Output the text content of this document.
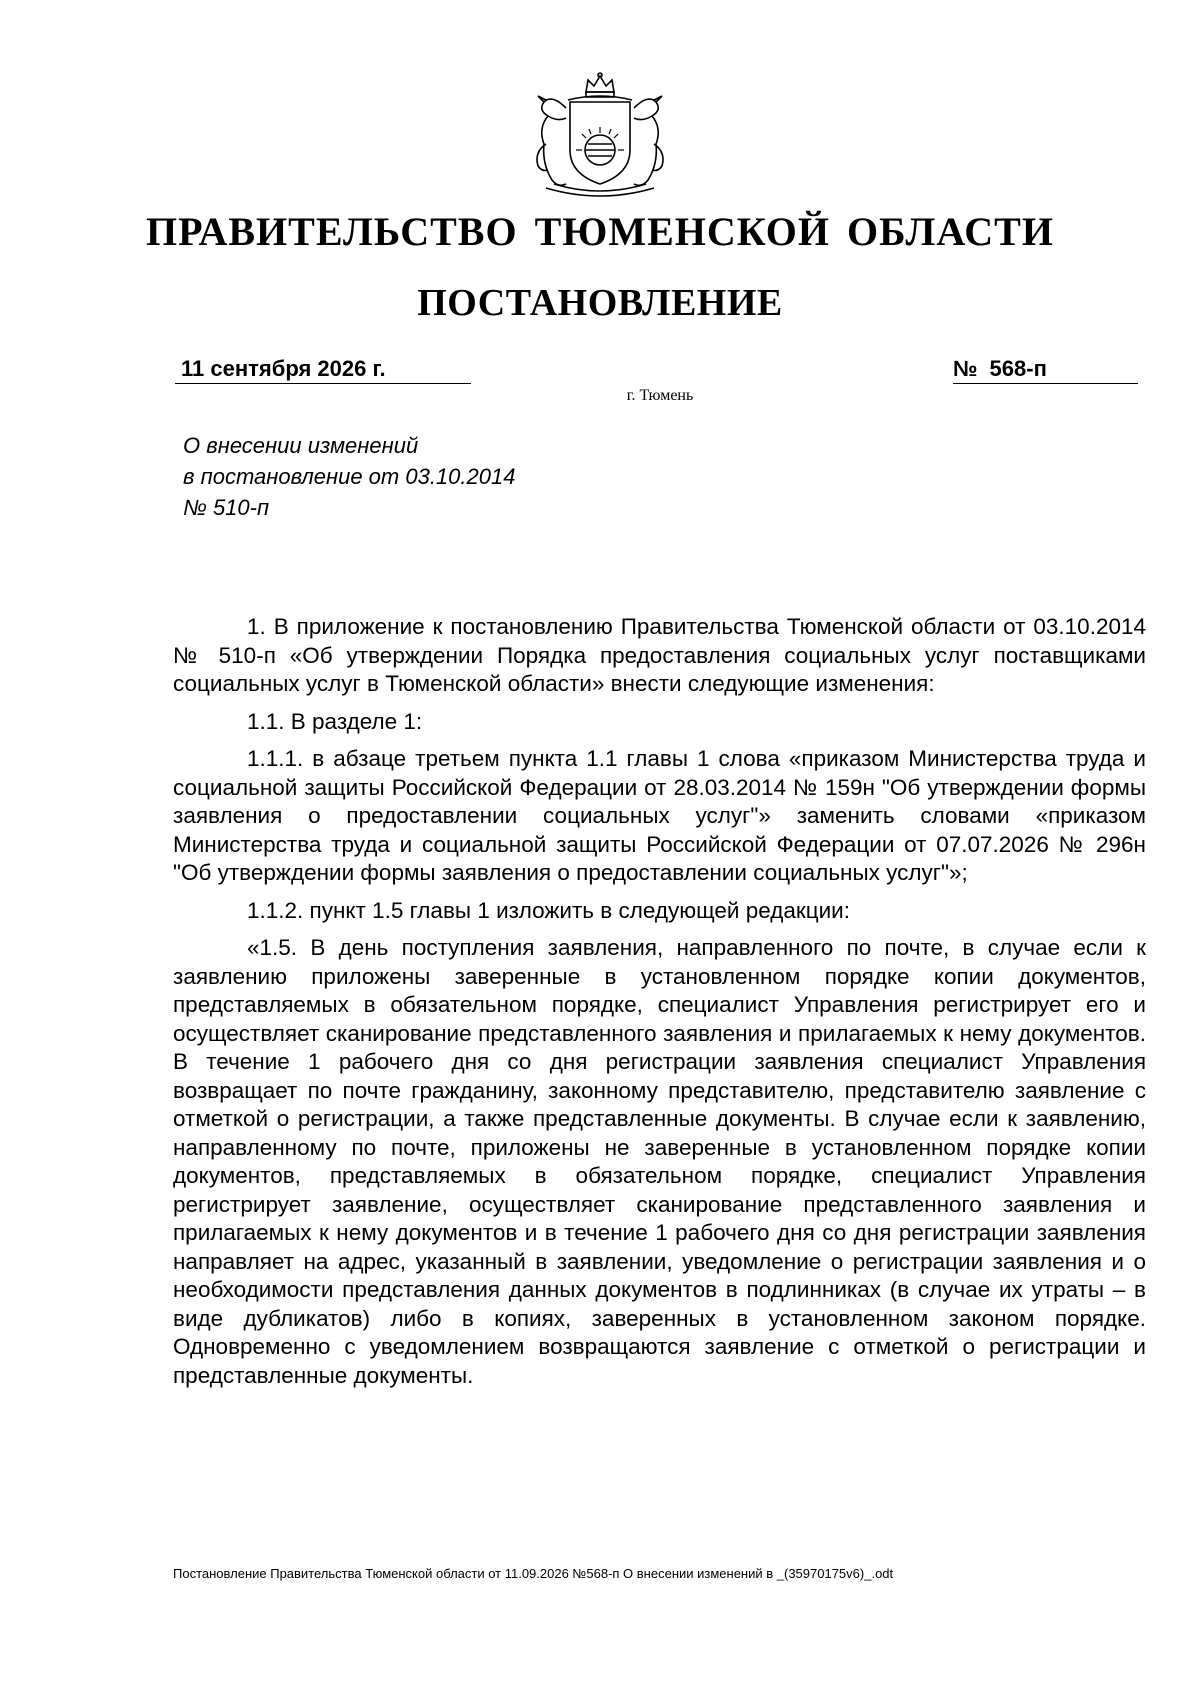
ПРАВИТЕЛЬСТВО ТЮМЕНСКОЙ ОБЛАСТИ
ПОСТАНОВЛЕНИЕ
11 сентября 2026 г.	№ 568-п
г. Тюмень
О внесении изменений
в постановление от 03.10.2014
№ 510-п

1. В приложение к постановлению Правительства Тюменской области от 03.10.2014 № 510-п «Об утверждении Порядка предоставления социальных услуг поставщиками социальных услуг в Тюменской области» внести следующие изменения:

1.1. В разделе 1:

1.1.1. в абзаце третьем пункта 1.1 главы 1 слова «приказом Министерства труда и социальной защиты Российской Федерации от 28.03.2014 № 159н "Об утверждении формы заявления о предоставлении социальных услуг"» заменить словами «приказом Министерства труда и социальной защиты Российской Федерации от 07.07.2026 № 296н "Об утверждении формы заявления о предоставлении социальных услуг"»;

1.1.2. пункт 1.5 главы 1 изложить в следующей редакции:

«1.5. В день поступления заявления, направленного по почте, в случае если к заявлению приложены заверенные в установленном порядке копии документов, представляемых в обязательном порядке, специалист Управления регистрирует его и осуществляет сканирование представленного заявления и прилагаемых к нему документов. В течение 1 рабочего дня со дня регистрации заявления специалист Управления возвращает по почте гражданину, законному представителю, представителю заявление с отметкой о регистрации, а также представленные документы. В случае если к заявлению, направленному по почте, приложены не заверенные в установленном порядке копии документов, представляемых в обязательном порядке, специалист Управления регистрирует заявление, осуществляет сканирование представленного заявления и прилагаемых к нему документов и в течение 1 рабочего дня со дня регистрации заявления направляет на адрес, указанный в заявлении, уведомление о регистрации заявления и о необходимости представления данных документов в подлинниках (в случае их утраты – в виде дубликатов) либо в копиях, заверенных в установленном законом порядке. Одновременно с уведомлением возвращаются заявление с отметкой о регистрации и представленные документы.

Постановление Правительства Тюменской области от 11.09.2026 №568-п О внесении изменений в _(35970175v6)_.odt
